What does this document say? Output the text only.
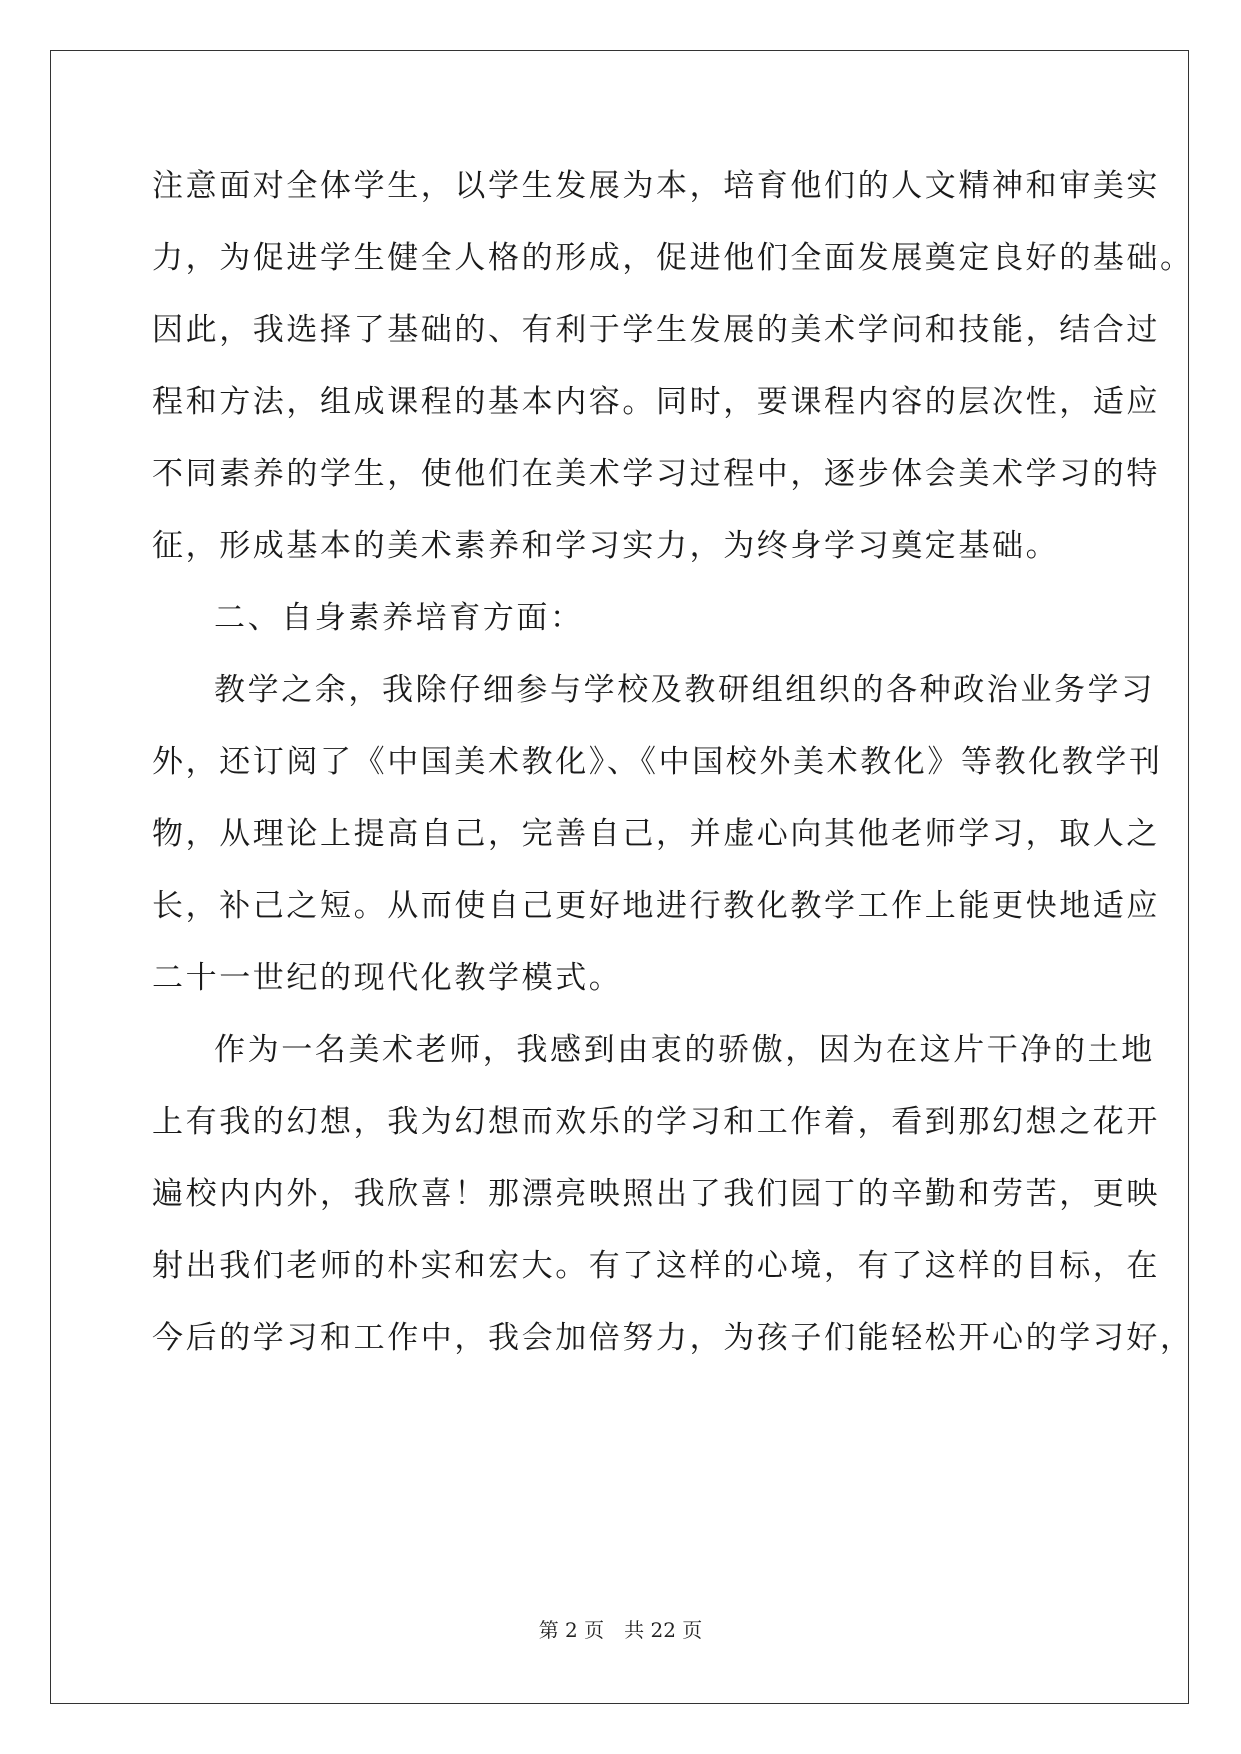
注意面对全体学生，以学生发展为本，培育他们的人文精神和审美实
力，为促进学生健全人格的形成，促进他们全面发展奠定良好的基础。
因此，我选择了基础的、有利于学生发展的美术学问和技能，结合过
程和方法，组成课程的基本内容。同时，要课程内容的层次性，适应
不同素养的学生，使他们在美术学习过程中，逐步体会美术学习的特
征，形成基本的美术素养和学习实力，为终身学习奠定基础。
二、自身素养培育方面：
教学之余，我除仔细参与学校及教研组组织的各种政治业务学习
外，还订阅了《中国美术教化》、《中国校外美术教化》等教化教学刊
物，从理论上提高自己，完善自己，并虚心向其他老师学习，取人之
长，补己之短。从而使自己更好地进行教化教学工作上能更快地适应
二十一世纪的现代化教学模式。
作为一名美术老师，我感到由衷的骄傲，因为在这片干净的土地
上有我的幻想，我为幻想而欢乐的学习和工作着，看到那幻想之花开
遍校内内外，我欣喜！那漂亮映照出了我们园丁的辛勤和劳苦，更映
射出我们老师的朴实和宏大。有了这样的心境，有了这样的目标，在
今后的学习和工作中，我会加倍努力，为孩子们能轻松开心的学习好，
第 2 页　共 22 页
